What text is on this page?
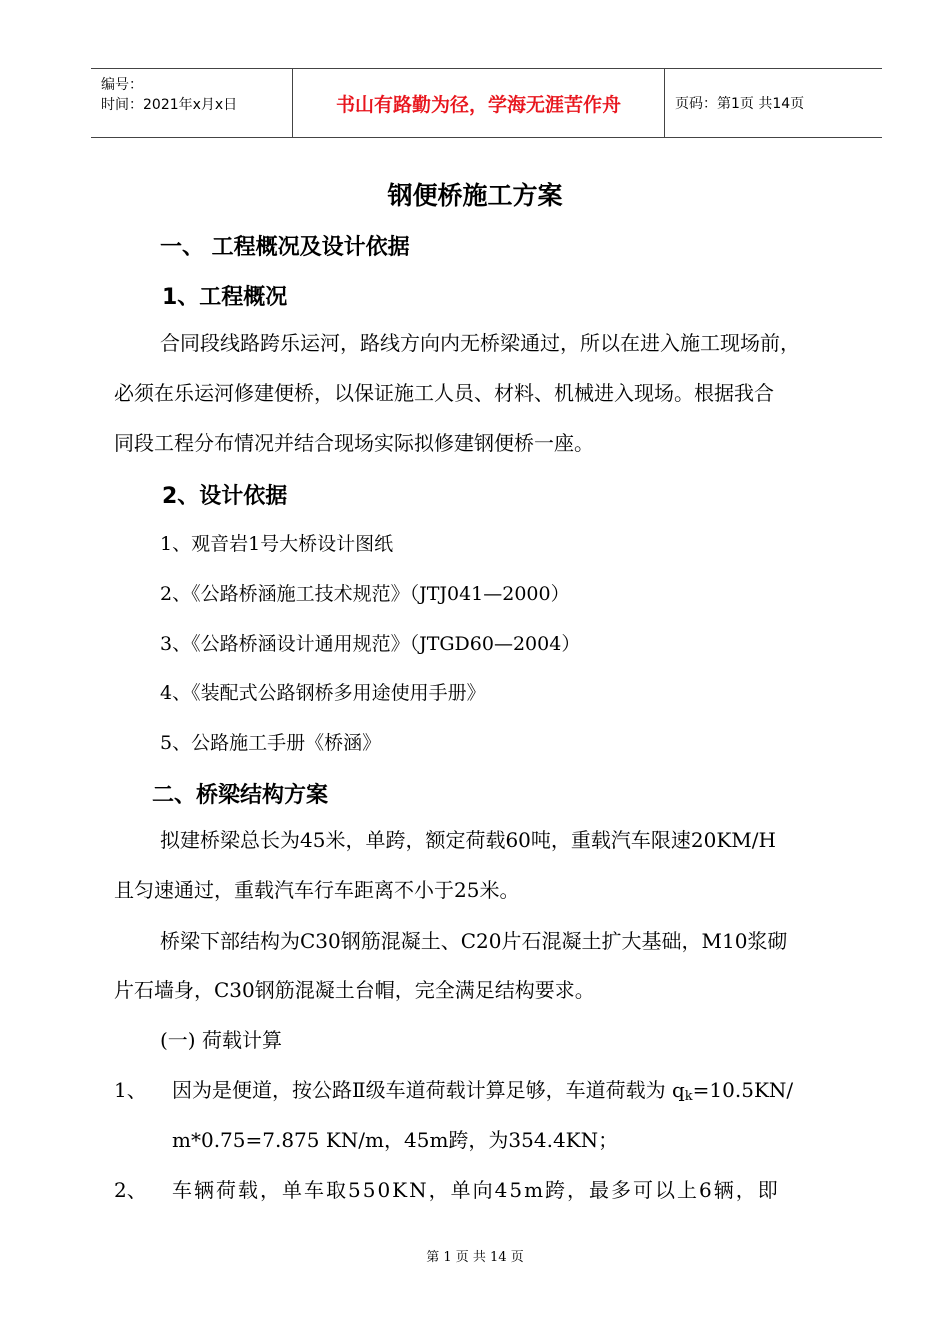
编号：
时间：2021年x月x日	书山有路勤为径，学海无涯苦作舟	页码：第1页 共14页
钢便桥施工方案
一、 工程概况及设计依据
1、工程概况
合同段线路跨乐运河，路线方向内无桥梁通过，所以在进入施工现场前，
必须在乐运河修建便桥，以保证施工人员、材料、机械进入现场。根据我合
同段工程分布情况并结合现场实际拟修建钢便桥一座。
2、设计依据
1、观音岩1号大桥设计图纸
2、《公路桥涵施工技术规范》（JTJ041—2000）
3、《公路桥涵设计通用规范》（JTGD60—2004）
4、《装配式公路钢桥多用途使用手册》
5、公路施工手册《桥涵》
二、桥梁结构方案
拟建桥梁总长为45米，单跨，额定荷载60吨，重载汽车限速20KM/H
且匀速通过，重载汽车行车距离不小于25米。
桥梁下部结构为C30钢筋混凝土、C20片石混凝土扩大基础，M10浆砌
片石墙身，C30钢筋混凝土台帽，完全满足结构要求。
(一) 荷载计算
1、 因为是便道，按公路Ⅱ级车道荷载计算足够，车道荷载为 $q_k=10.5KN/$
m*0.75=7.875 KN/m，45m跨，为354.4KN；
2、 车辆荷载，单车取550KN，单向45m跨，最多可以上6辆，即
第 1 页 共 14 页
